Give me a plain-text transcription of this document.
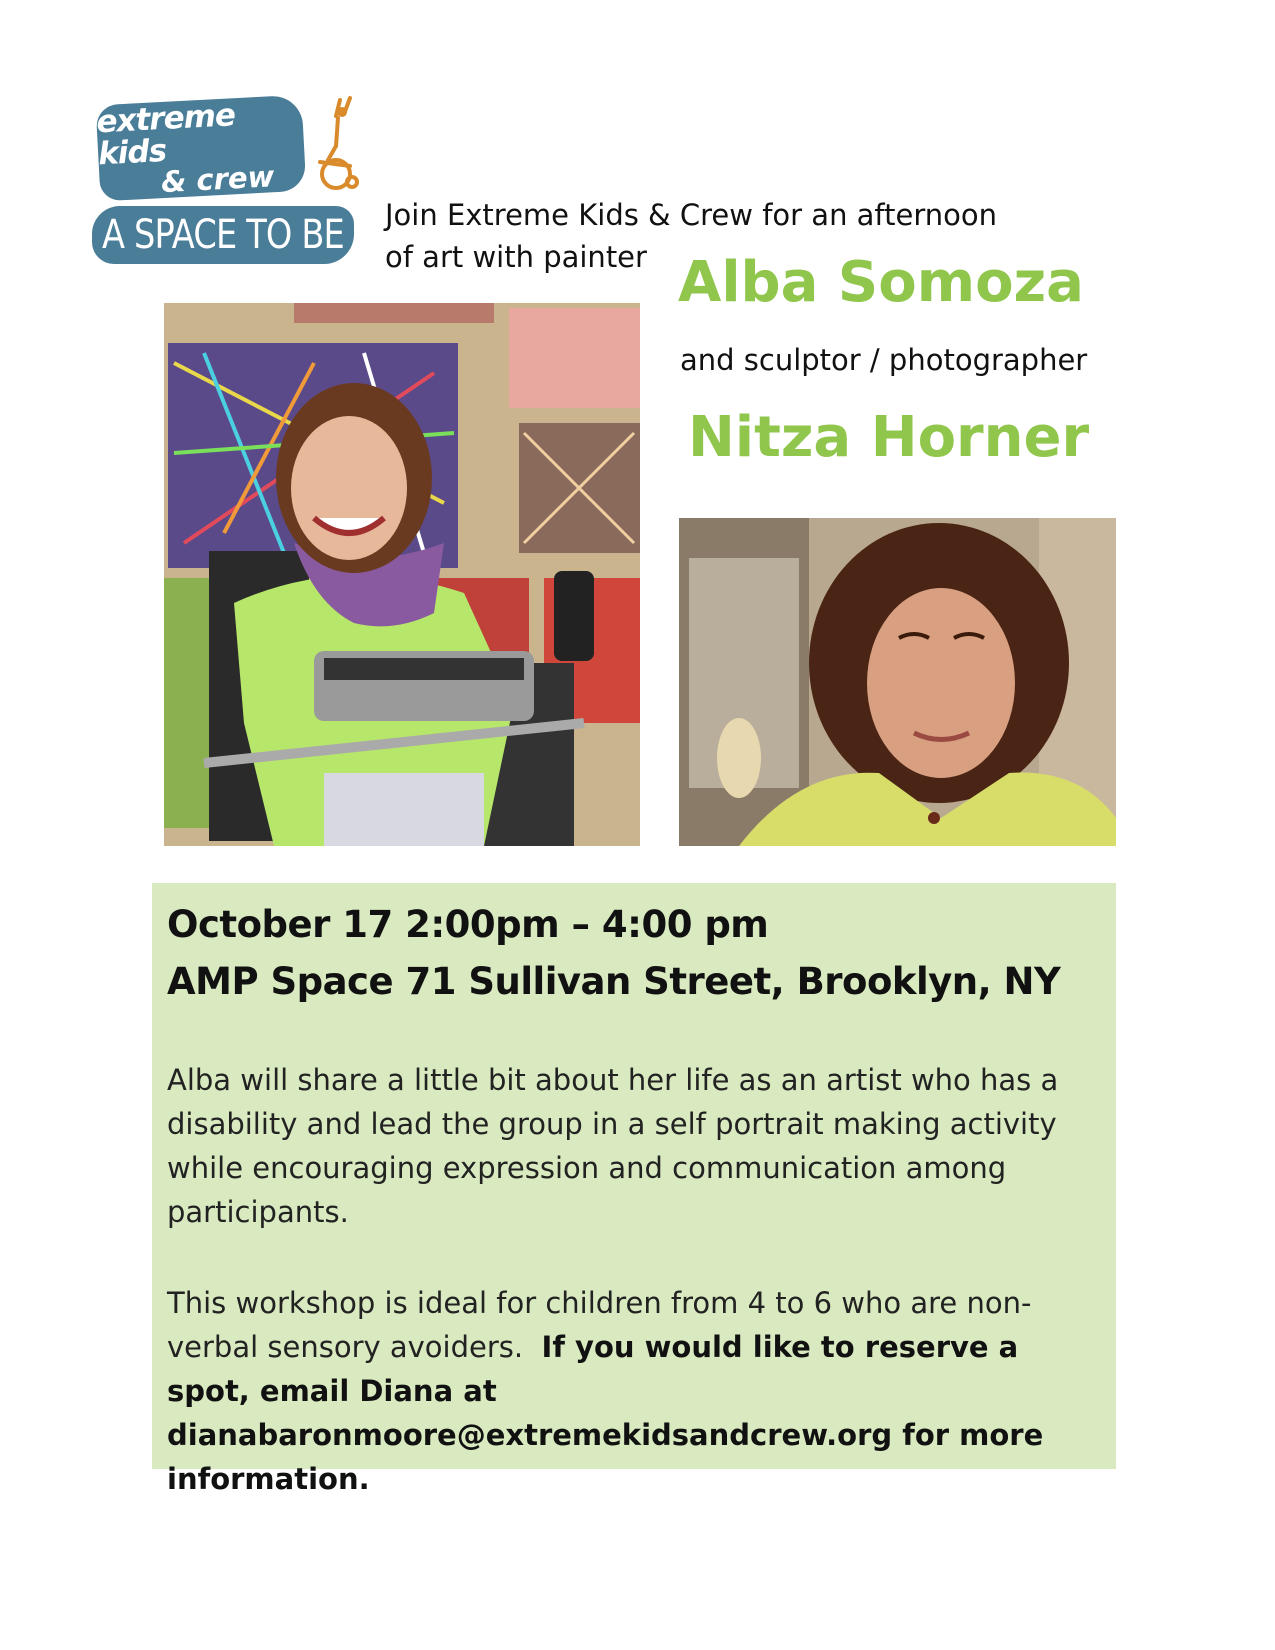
extreme kids
& crew
A SPACE TO BE Join Extreme Kids & Crew for an afternoon
of art with painter Alba Somoza
and sculptor / photographer
Nitza Horner
October 17 2:00pm – 4:00 pm
AMP Space 71 Sullivan Street, Brooklyn, NY
Alba will share a little bit about her life as an artist who has a disability and lead the group in a self portrait making activity while encouraging expression and communication among participants.
This workshop is ideal for children from 4 to 6 who are non-verbal sensory avoiders. If you would like to reserve a spot, email Diana at dianabaronmoore@extremekidsandcrew.org for more information.
